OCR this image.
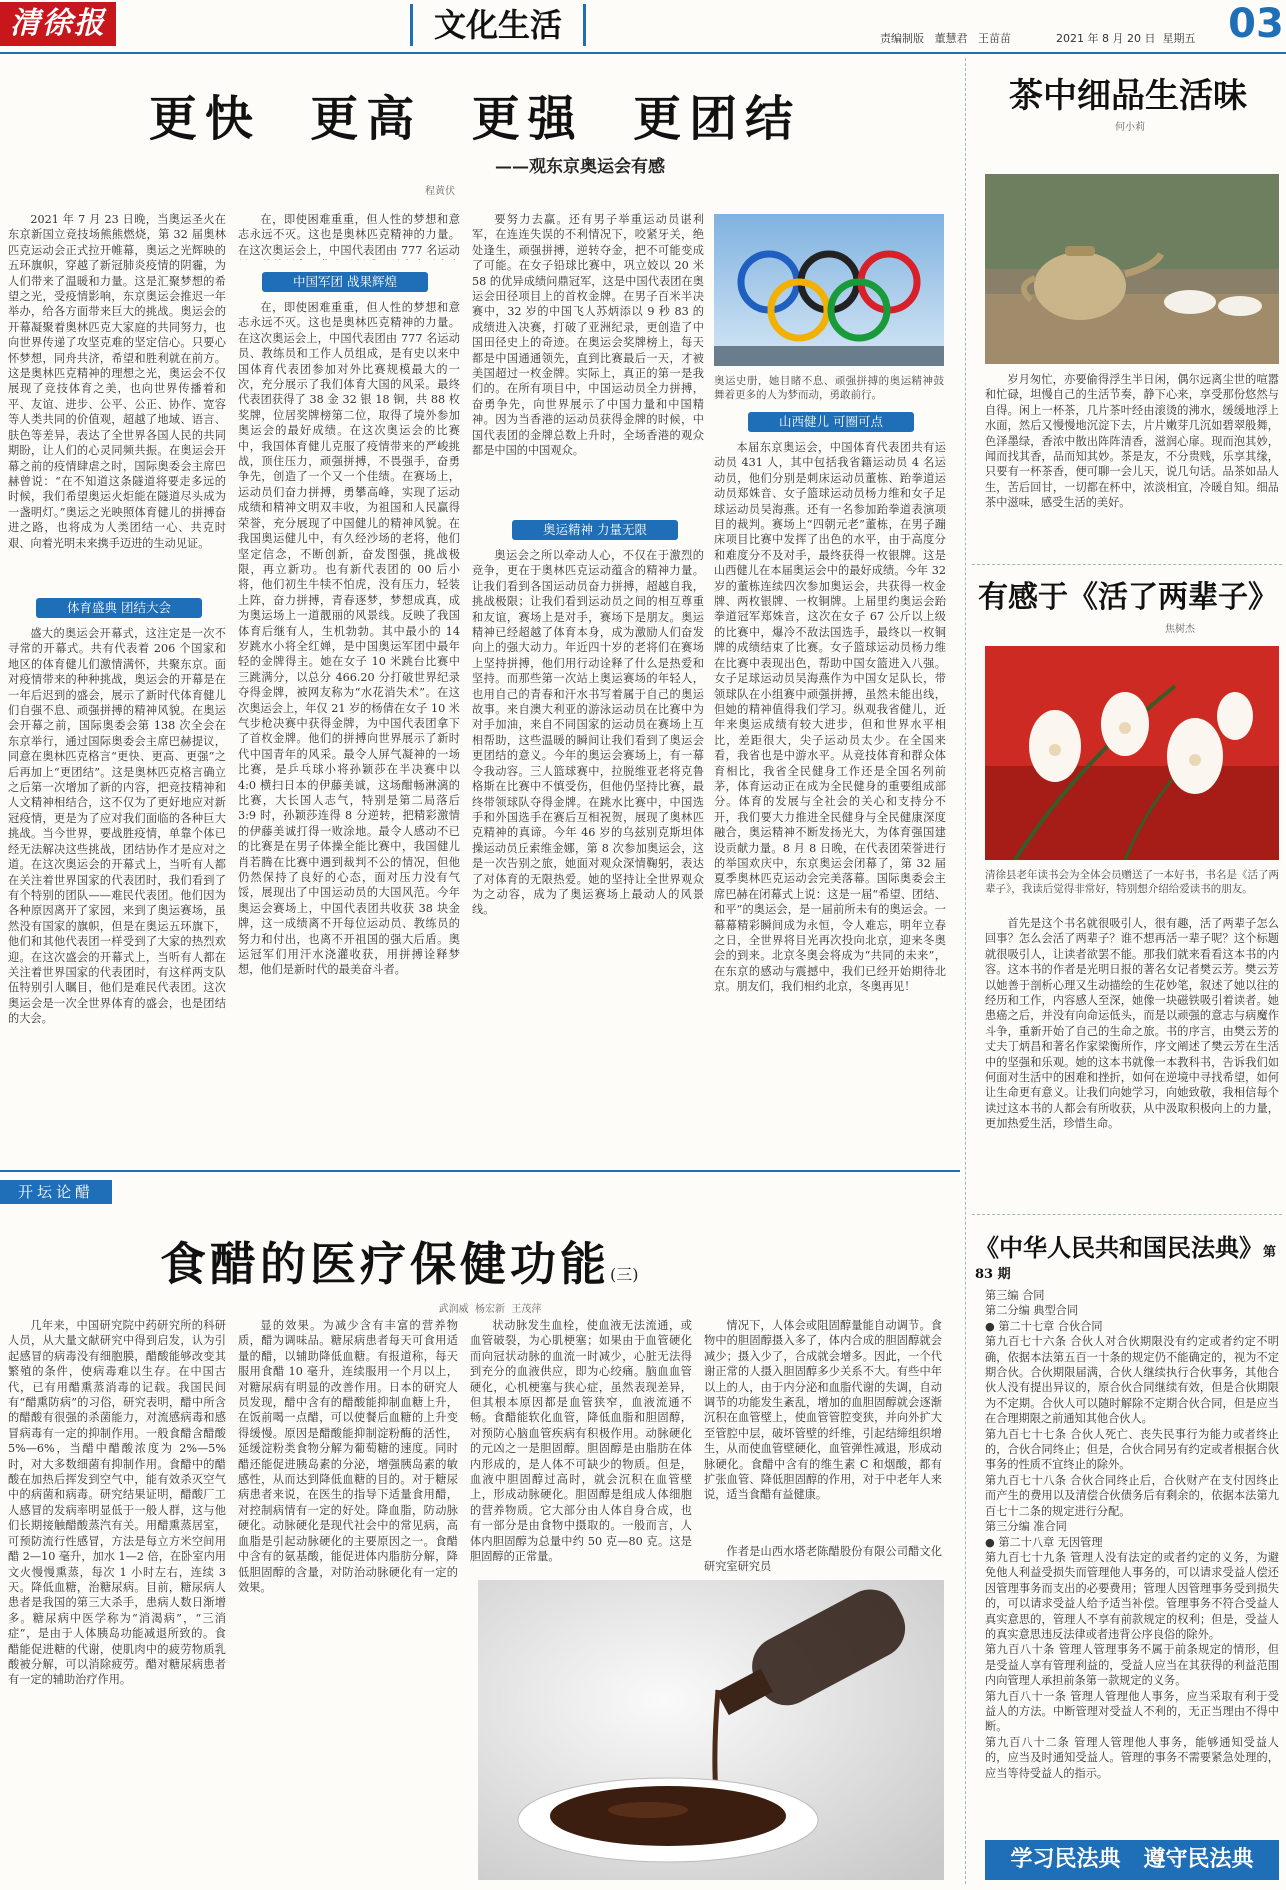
清徐报	文化生活	责编制版   董慧君   王苗苗	2021 年 8 月 20 日  星期五 03
更快  更高  更强  更团结
——观东京奥运会有感
程黄伏

2021 年 7 月 23 日晚，当奥运圣火在东京新国立竞技场熊熊燃烧，第 32 届奥林匹克运动会正式拉开帷幕，奥运之光辉映的五环旗帜，穿越了新冠肺炎疫情的阴霾，为人们带来了温暖和力量。这是汇聚梦想的希望之光，受疫情影响，东京奥运会推迟一年举办，给各方面带来巨大的挑战。奥运会的开幕凝聚着奥林匹克大家庭的共同努力，也向世界传递了攻坚克难的坚定信心。只要心怀梦想，同舟共济，希望和胜利就在前方。这是奥林匹克精神的理想之光，奥运会不仅展现了竞技体育之美，也向世界传播着和平、友谊、进步、公平、公正、协作、宽容等人类共同的价值观，超越了地域、语言、肤色等差异，表达了全世界各国人民的共同期盼，让人们的心灵同频共振。在奥运会开幕之前的疫情肆虐之时，国际奥委会主席巴赫曾说：“在不知道这条隧道将要走多远的时候，我们希望奥运火炬能在隧道尽头成为一盏明灯。”奥运之光映照体育健儿的拼搏奋进之路，也将成为人类团结一心、共克时艰、向着光明未来携手迈进的生动见证。

体育盛典 团结大会

盛大的奥运会开幕式，这注定是一次不寻常的开幕式。共有代表着 206 个国家和地区的体育健儿们激情满怀，共聚东京。面对疫情带来的种种挑战，奥运会的开幕是在一年后迟到的盛会，展示了新时代体育健儿们自强不息、顽强拼搏的精神风貌。在奥运会开幕之前，国际奥委会第 138 次全会在东京举行，通过国际奥委会主席巴赫提议，同意在奥林匹克格言“更快、更高、更强”之后再加上“更团结”。这是奥林匹克格言确立之后第一次增加了新的内容，把竞技精神和人文精神相结合，这不仅为了更好地应对新冠疫情，更是为了应对我们面临的各种巨大挑战。当今世界，要战胜疫情，单靠个体已经无法解决这些挑战，团结协作才是应对之道。在这次奥运会的开幕式上，当听有人都在关注着世界国家的代表团时，我们看到了有个特别的团队——难民代表团。他们因为各种原因离开了家园，来到了奥运赛场，虽然没有国家的旗帜，但是在奥运五环旗下，他们和其他代表团一样受到了大家的热烈欢迎。在这次盛会的开幕式上，当听有人都在关注着世界国家的代表团时，有这样两支队伍特别引人瞩目，他们是难民代表团。这次奥运会是一次全世界体育的盛会，也是团结的大会。

在，即使困难重重，但人性的梦想和意志永远不灭。这也是奥林匹克精神的力量。在这次奥运会上，中国代表团由 777 名运动

中国军团 战果辉煌

在，即使困难重重，但人性的梦想和意志永远不灭。这也是奥林匹克精神的力量。在这次奥运会上，中国代表团由 777 名运动员、教练员和工作人员组成，是有史以来中国体育代表团参加对外比赛规模最大的一次，充分展示了我们体育大国的风采。最终代表团获得了 38 金 32 银 18 铜，共 88 枚奖牌，位居奖牌榜第二位，取得了境外参加奥运会的最好成绩。在这次奥运会的比赛中，我国体育健儿克服了疫情带来的严峻挑战，顶住压力，顽强拼搏，不畏强手，奋勇争先，创造了一个又一个佳绩。在赛场上，运动员们奋力拼搏，勇攀高峰，实现了运动成绩和精神文明双丰收，为祖国和人民赢得荣誉，充分展现了中国健儿的精神风貌。在我国奥运健儿中，有久经沙场的老将，他们坚定信念，不断创新，奋发图强，挑战极限，再立新功。也有新代表团的 00 后小将，他们初生牛犊不怕虎，没有压力，轻装上阵，奋力拼搏，青春逐梦，梦想成真，成为奥运场上一道靓丽的风景线。反映了我国体育后继有人，生机勃勃。其中最小的 14 岁跳水小将全红婵，是中国奥运军团中最年轻的金牌得主。她在女子 10 米跳台比赛中三跳满分，以总分 466.20 分打破世界纪录夺得金牌，被网友称为“水花消失术”。在这次奥运会上，年仅 21 岁的杨倩在女子 10 米气步枪决赛中获得金牌，为中国代表团拿下了首枚金牌。他们的拼搏向世界展示了新时代中国青年的风采。最令人屏气凝神的一场比赛，是乒乓球小将孙颖莎在半决赛中以 4:0 横扫日本的伊藤美诚，这场酣畅淋漓的比赛，大长国人志气，特别是第二局落后 3:9 时，孙颖莎连得 8 分逆转，把精彩激情的伊藤美诚打得一败涂地。最令人感动不已的比赛是在男子体操全能比赛中，我国健儿肖若腾在比赛中遇到裁判不公的情况，但他仍然保持了良好的心态，面对压力没有气馁，展现出了中国运动员的大国风范。今年奥运会赛场上，中国代表团共收获 38 块金牌，这一成绩离不开每位运动员、教练员的努力和付出，也离不开祖国的强大后盾。奥运冠军们用汗水浇灌收获，用拼搏诠释梦想，他们是新时代的最美奋斗者。

要努力去赢。还有男子举重运动员谌利军，在连连失误的不利情况下，咬紧牙关，绝处逢生，顽强拼搏，逆转夺金，把不可能变成了可能。在女子铅球比赛中，巩立姣以 20 米 58 的优异成绩问鼎冠军，这是中国代表团在奥运会田径项目上的首枚金牌。在男子百米半决赛中，32 岁的中国飞人苏炳添以 9 秒 83 的成绩进入决赛，打破了亚洲纪录，更创造了中国田径史上的奇迹。在奥运会奖牌榜上，每天都是中国通通领先，直到比赛最后一天，才被美国超过一枚金牌。实际上，真正的第一是我们的。在所有项目中，中国运动员全力拼搏，奋勇争先，向世界展示了中国力量和中国精神。因为当香港的运动员获得金牌的时候，中国代表团的金牌总数上升时，全场香港的观众都是中国的中国观众。

奥运精神 力量无限

奥运会之所以牵动人心，不仅在于激烈的竞争，更在于奥林匹克运动蕴含的精神力量。让我们看到各国运动员奋力拼搏，超越自我，挑战极限；让我们看到运动员之间的相互尊重和友谊，赛场上是对手，赛场下是朋友。奥运精神已经超越了体育本身，成为激励人们奋发向上的强大动力。年近四十岁的老将们在赛场上坚持拼搏，他们用行动诠释了什么是热爱和坚持。而那些第一次站上奥运赛场的年轻人，也用自己的青春和汗水书写着属于自己的奥运故事。来自澳大利亚的游泳运动员在比赛中为对手加油，来自不同国家的运动员在赛场上互相帮助，这些温暖的瞬间让我们看到了奥运会更团结的意义。今年的奥运会赛场上，有一幕令我动容。三人篮球赛中，拉脱维亚老将克鲁格斯在比赛中不慎受伤，但他仍坚持比赛，最终带领球队夺得金牌。在跳水比赛中，中国选手和外国选手在赛后互相祝贺，展现了奥林匹克精神的真谛。今年 46 岁的乌兹别克斯坦体操运动员丘索维金娜，第 8 次参加奥运会，这是一次告别之旅，她面对观众深情鞠躬，表达了对体育的无限热爱。她的坚持让全世界观众为之动容，成为了奥运赛场上最动人的风景线。

奥运史册，她目睹不息、顽强拼搏的奥运精神鼓舞着更多的人为梦而动，勇敢前行。
山西健儿 可圈可点

本届东京奥运会，中国体育代表团共有运动员 431 人，其中包括我省籍运动员 4 名运动员，他们分别是刺床运动员董栋、跆拳道运动员郑姝音、女子篮球运动员杨力维和女子足球运动员吴海燕。还有一名参加跆拳道表演项目的裁判。赛场上“四朝元老”董栋，在男子蹦床项目比赛中发挥了出色的水平，由于高度分和难度分不及对手，最终获得一枚银牌。这是山西健儿在本届奥运会中的最好成绩。今年 32 岁的董栋连续四次参加奥运会，共获得一枚金牌、两枚银牌、一枚铜牌。上届里约奥运会跆拳道冠军郑姝音，这次在女子 67 公斤以上级的比赛中，爆冷不敌法国选手，最终以一枚铜牌的成绩结束了比赛。女子篮球运动员杨力维在比赛中表现出色，帮助中国女篮进入八强。女子足球运动员吴海燕作为中国女足队长，带领球队在小组赛中顽强拼搏，虽然未能出线，但她的精神值得我们学习。纵观我省健儿，近年来奥运成绩有较大进步，但和世界水平相比，差距很大，尖子运动员太少。在全国来看，我省也是中游水平。从竞技体育和群众体育相比，我省全民健身工作还是全国名列前茅，体育运动正在成为全民健身的重要组成部分。体育的发展与全社会的关心和支持分不开，我们要大力推进全民健身与全民健康深度融合，奥运精神不断发扬光大，为体育强国建设贡献力量。8 月 8 日晚，在代表团荣誉进行的举国欢庆中，东京奥运会闭幕了，第 32 届夏季奥林匹克运动会完美落幕。国际奥委会主席巴赫在闭幕式上说：这是一届“希望、团结、和平”的奥运会，是一届前所未有的奥运会。一幕幕精彩瞬间成为永恒，令人难忘，明年立春之日，全世界将目光再次投向北京，迎来冬奥会的到来。北京冬奥会将成为“共同的未来”，在东京的感动与震撼中，我们已经开始期待北京。朋友们，我们相约北京，冬奥再见！

开坛论醋
食醋的医疗保健功能(三)
武润威  杨宏新  王茂萍

几年来，中国研究院中药研究所的科研人员，从大量文献研究中得到启发，认为引起感冒的病毒没有细胞膜，醋酸能够改变其繁殖的条件，使病毒难以生存。在中国古代，已有用醋熏蒸消毒的记载。我国民间有“醋熏防病”的习俗，研究表明，醋中所含的醋酸有很强的杀菌能力，对流感病毒和感冒病毒有一定的抑制作用。一般食醋含醋酸 5%—6%，当醋中醋酸浓度为 2%—5% 时，对大多数细菌有抑制作用。食醋中的醋酸在加热后挥发到空气中，能有效杀灭空气中的病菌和病毒。研究结果证明，醋酸厂工人感冒的发病率明显低于一般人群，这与他们长期接触醋酸蒸汽有关。用醋熏蒸居室，可预防流行性感冒，方法是每立方米空间用醋 2—10 毫升，加水 1—2 倍，在卧室内用文火慢慢熏蒸，每次 1 小时左右，连续 3 天。降低血糖，治糖尿病。目前，糖尿病人患者是我国的第三大杀手，患病人数日渐增多。糖尿病中医学称为“消渴病”，“三消症”，是由于人体胰岛功能减退所致的。食醋能促进糖的代谢，使肌肉中的疲劳物质乳酸被分解，可以消除疲劳。醋对糖尿病患者有一定的辅助治疗作用。

显的效果。为减少含有丰富的营养物质，醋为调味品。糖尿病患者每天可食用适量的醋，以辅助降低血糖。有报道称，每天服用食醋 10 毫升，连续服用一个月以上，对糖尿病有明显的改善作用。日本的研究人员发现，醋中含有的醋酸能抑制血糖上升，在饭前喝一点醋，可以使餐后血糖的上升变得缓慢。原因是醋酸能抑制淀粉酶的活性，延缓淀粉类食物分解为葡萄糖的速度。同时醋还能促进胰岛素的分泌，增强胰岛素的敏感性，从而达到降低血糖的目的。对于糖尿病患者来说，在医生的指导下适量食用醋，对控制病情有一定的好处。降血脂，防动脉硬化。动脉硬化是现代社会中的常见病，高血脂是引起动脉硬化的主要原因之一。食醋中含有的氨基酸，能促进体内脂肪分解，降低胆固醇的含量，对防治动脉硬化有一定的效果。

状动脉发生血栓，使血液无法流通，或血管破裂，为心肌梗塞；如果由于血管硬化而向冠状动脉的血流一时减少，心脏无法得到充分的血液供应，即为心绞痛。脑血血管硬化，心机梗塞与狭心症，虽然表现差异，但其根本原因都是血管狭窄，血液流通不畅。食醋能软化血管，降低血脂和胆固醇，对预防心脑血管疾病有积极作用。动脉硬化的元凶之一是胆固醇。胆固醇是由脂肪在体内形成的，是人体不可缺少的物质。但是，血液中胆固醇过高时，就会沉积在血管壁上，形成动脉硬化。胆固醇是组成人体细胞的营养物质。它大部分由人体自身合成，也有一部分是由食物中摄取的。一般而言，人体内胆固醇为总量中约 50 克—80 克。这是胆固醇的正常量。

情况下，人体会或阻固醇量能自动调节。食物中的胆固醇摄入多了，体内合成的胆固醇就会减少；摄入少了，合成就会增多。因此，一个代谢正常的人摄入胆固醇多少关系不大。有些中年以上的人，由于内分泌和血脂代谢的失调，自动调节的功能发生紊乱，增加的血胆固醇就会逐渐沉积在血管壁上，使血管管腔变狭，并向外扩大至管腔中层，破坏管壁的纤维，引起结缔组织增生，从而使血管壁硬化，血管弹性减退，形成动脉硬化。食醋中含有的维生素 C 和烟酸，都有扩张血管、降低胆固醇的作用，对于中老年人来说，适当食醋有益健康。

作者是山西水塔老陈醋股份有限公司醋文化研究室研究员

茶中细品生活味
何小莉

岁月匆忙，亦要偷得浮生半日闲，偶尔远离尘世的喧嚣和忙碌，坦慢自己的生活节奏，静下心来，享受那份悠然与自得。闲上一杯茶，几片茶叶经由滚烫的沸水，缓缓地浮上水面，然后又慢慢地沉淀下去，片片嫩芽几沉如碧翠般舞，色泽墨绿，香浓中散出阵阵清香，滋润心扉。现而泡其妙，闻而找其香，品而知其妙。茶是友，不分贵贱，乐享其缘，只要有一杯茶香，便可聊一会儿天，说几句话。品茶如品人生，苦后回甘，一切都在杯中，浓淡相宜，冷暖自知。细品茶中滋味，感受生活的美好。

有感于《活了两辈子》
焦树杰
清徐县老年读书会为全体会员赠送了一本好书，书名是《活了两辈子》，我读后觉得非常好，特别想介绍给爱读书的朋友。

首先是这个书名就很吸引人，很有趣，活了两辈子怎么回事？怎么会活了两辈子？谁不想再活一辈子呢？这个标题就很吸引人，让读者欲罢不能。那我们就来看看这本书的内容。这本书的作者是光明日报的著名女记者樊云芳。樊云芳以她善于剖析心理又生动描绘的生花妙笔，叙述了她以往的经历和工作，内容感人至深，她像一块磁铁吸引着读者。她患癌之后，并没有向命运低头，而是以顽强的意志与病魔作斗争，重新开始了自己的生命之旅。书的序言，由樊云芳的丈夫丁炳昌和著名作家梁衡所作，序文阐述了樊云芳在生活中的坚强和乐观。她的这本书就像一本教科书，告诉我们如何面对生活中的困难和挫折，如何在逆境中寻找希望，如何让生命更有意义。让我们向她学习，向她致敬，我相信每个读过这本书的人都会有所收获，从中汲取积极向上的力量，更加热爱生活，珍惜生命。

《中华人民共和国民法典》第 83 期
第三编 合同
第二分编 典型合同
● 第二十七章 合伙合同
第九百七十六条 合伙人对合伙期限没有约定或者约定不明确，依据本法第五百一十条的规定仍不能确定的，视为不定期合伙。合伙期限届满，合伙人继续执行合伙事务，其他合伙人没有提出异议的，原合伙合同继续有效，但是合伙期限为不定期。合伙人可以随时解除不定期合伙合同，但是应当在合理期限之前通知其他合伙人。
第九百七十七条 合伙人死亡、丧失民事行为能力或者终止的，合伙合同终止；但是，合伙合同另有约定或者根据合伙事务的性质不宜终止的除外。
第九百七十八条 合伙合同终止后，合伙财产在支付因终止而产生的费用以及清偿合伙债务后有剩余的，依据本法第九百七十二条的规定进行分配。
第三分编 准合同
● 第二十八章 无因管理
第九百七十九条 管理人没有法定的或者约定的义务，为避免他人利益受损失而管理他人事务的，可以请求受益人偿还因管理事务而支出的必要费用；管理人因管理事务受到损失的，可以请求受益人给予适当补偿。管理事务不符合受益人真实意思的，管理人不享有前款规定的权利；但是，受益人的真实意思违反法律或者违背公序良俗的除外。
第九百八十条 管理人管理事务不属于前条规定的情形，但是受益人享有管理利益的，受益人应当在其获得的利益范围内向管理人承担前条第一款规定的义务。
第九百八十一条 管理人管理他人事务，应当采取有利于受益人的方法。中断管理对受益人不利的，无正当理由不得中断。
第九百八十二条 管理人管理他人事务，能够通知受益人的，应当及时通知受益人。管理的事务不需要紧急处理的，应当等待受益人的指示。
学习民法典   遵守民法典
